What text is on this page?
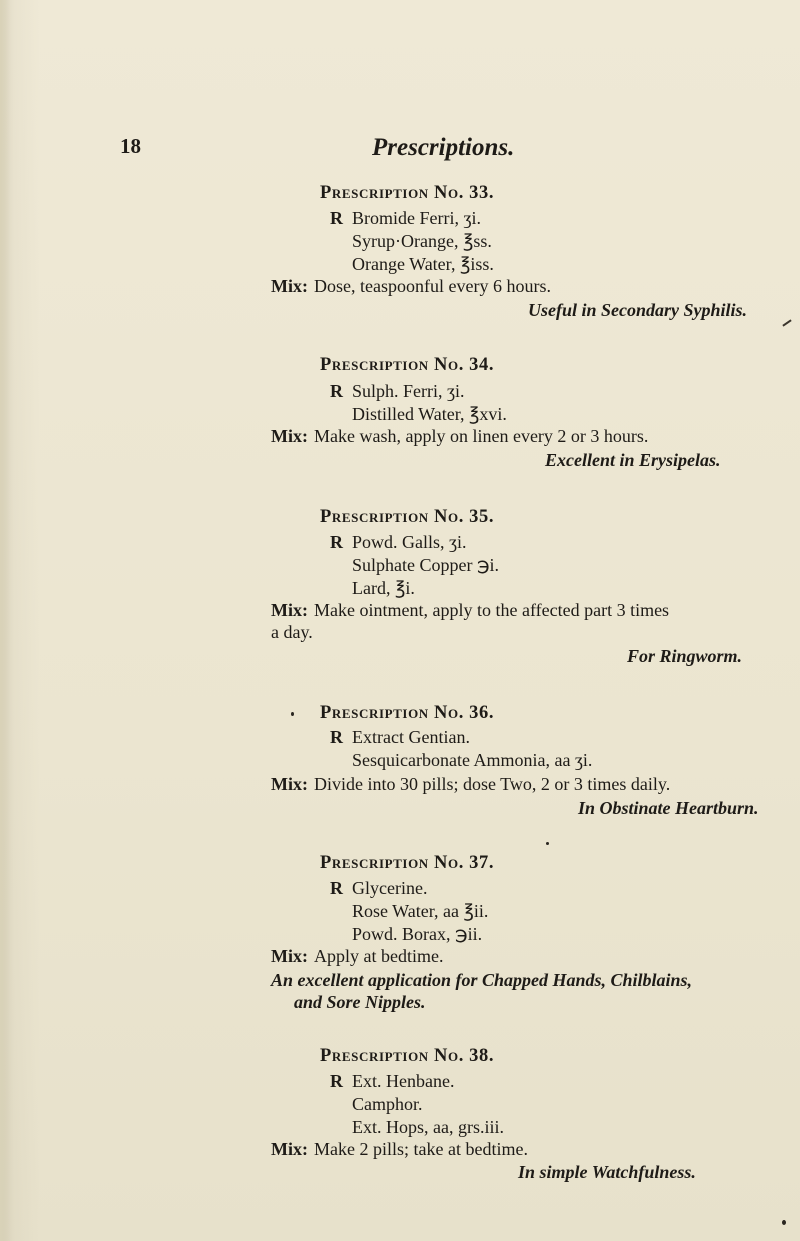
18	Prescriptions.
Prescription No. 33.
R Bromide Ferri, ʒi.
Syrup·Orange, ℥ss.
Orange Water, ℥iss.
Mix: Dose, teaspoonful every 6 hours.
Useful in Secondary Syphilis.
Prescription No. 34.
R Sulph. Ferri, ʒi.
Distilled Water, ℥xvi.
Mix: Make wash, apply on linen every 2 or 3 hours.
Excellent in Erysipelas.
Prescription No. 35.
R Powd. Galls, ʒi.
Sulphate Copper ℈i.
Lard, ℥i.
Mix: Make ointment, apply to the affected part 3 times
a day.
For Ringworm.
Prescription No. 36.
R Extract Gentian.
Sesquicarbonate Ammonia, aa ʒi.
Mix: Divide into 30 pills; dose Two, 2 or 3 times daily.
In Obstinate Heartburn.
Prescription No. 37.
R Glycerine.
Rose Water, aa ℥ii.
Powd. Borax, ℈ii.
Mix: Apply at bedtime.
An excellent application for Chapped Hands, Chilblains,
and Sore Nipples.
Prescription No. 38.
R Ext. Henbane.
Camphor.
Ext. Hops, aa, grs.iii.
Mix: Make 2 pills; take at bedtime.
In simple Watchfulness.
